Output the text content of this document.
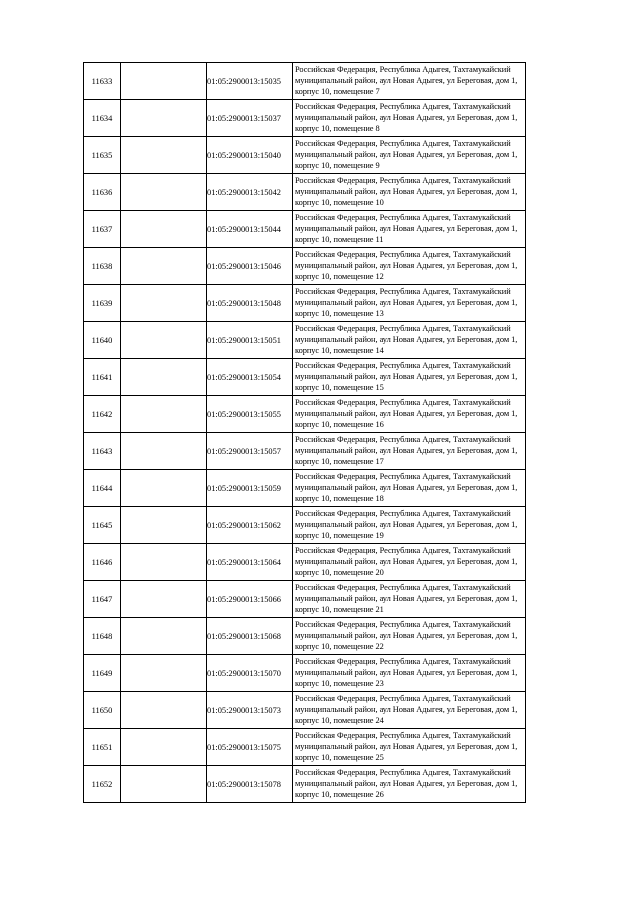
11633		01:05:2900013:15035	Российская Федерация, Республика Адыгея, Тахтамукайский муниципальный район, аул Новая Адыгея, ул Береговая, дом 1, корпус 10, помещение 7
11634		01:05:2900013:15037	Российская Федерация, Республика Адыгея, Тахтамукайский муниципальный район, аул Новая Адыгея, ул Береговая, дом 1, корпус 10, помещение 8
11635		01:05:2900013:15040	Российская Федерация, Республика Адыгея, Тахтамукайский муниципальный район, аул Новая Адыгея, ул Береговая, дом 1, корпус 10, помещение 9
11636		01:05:2900013:15042	Российская Федерация, Республика Адыгея, Тахтамукайский муниципальный район, аул Новая Адыгея, ул Береговая, дом 1, корпус 10, помещение 10
11637		01:05:2900013:15044	Российская Федерация, Республика Адыгея, Тахтамукайский муниципальный район, аул Новая Адыгея, ул Береговая, дом 1, корпус 10, помещение 11
11638		01:05:2900013:15046	Российская Федерация, Республика Адыгея, Тахтамукайский муниципальный район, аул Новая Адыгея, ул Береговая, дом 1, корпус 10, помещение 12
11639		01:05:2900013:15048	Российская Федерация, Республика Адыгея, Тахтамукайский муниципальный район, аул Новая Адыгея, ул Береговая, дом 1, корпус 10, помещение 13
11640		01:05:2900013:15051	Российская Федерация, Республика Адыгея, Тахтамукайский муниципальный район, аул Новая Адыгея, ул Береговая, дом 1, корпус 10, помещение 14
11641		01:05:2900013:15054	Российская Федерация, Республика Адыгея, Тахтамукайский муниципальный район, аул Новая Адыгея, ул Береговая, дом 1, корпус 10, помещение 15
11642		01:05:2900013:15055	Российская Федерация, Республика Адыгея, Тахтамукайский муниципальный район, аул Новая Адыгея, ул Береговая, дом 1, корпус 10, помещение 16
11643		01:05:2900013:15057	Российская Федерация, Республика Адыгея, Тахтамукайский муниципальный район, аул Новая Адыгея, ул Береговая, дом 1, корпус 10, помещение 17
11644		01:05:2900013:15059	Российская Федерация, Республика Адыгея, Тахтамукайский муниципальный район, аул Новая Адыгея, ул Береговая, дом 1, корпус 10, помещение 18
11645		01:05:2900013:15062	Российская Федерация, Республика Адыгея, Тахтамукайский муниципальный район, аул Новая Адыгея, ул Береговая, дом 1, корпус 10, помещение 19
11646		01:05:2900013:15064	Российская Федерация, Республика Адыгея, Тахтамукайский муниципальный район, аул Новая Адыгея, ул Береговая, дом 1, корпус 10, помещение 20
11647		01:05:2900013:15066	Российская Федерация, Республика Адыгея, Тахтамукайский муниципальный район, аул Новая Адыгея, ул Береговая, дом 1, корпус 10, помещение 21
11648		01:05:2900013:15068	Российская Федерация, Республика Адыгея, Тахтамукайский муниципальный район, аул Новая Адыгея, ул Береговая, дом 1, корпус 10, помещение 22
11649		01:05:2900013:15070	Российская Федерация, Республика Адыгея, Тахтамукайский муниципальный район, аул Новая Адыгея, ул Береговая, дом 1, корпус 10, помещение 23
11650		01:05:2900013:15073	Российская Федерация, Республика Адыгея, Тахтамукайский муниципальный район, аул Новая Адыгея, ул Береговая, дом 1, корпус 10, помещение 24
11651		01:05:2900013:15075	Российская Федерация, Республика Адыгея, Тахтамукайский муниципальный район, аул Новая Адыгея, ул Береговая, дом 1, корпус 10, помещение 25
11652		01:05:2900013:15078	Российская Федерация, Республика Адыгея, Тахтамукайский муниципальный район, аул Новая Адыгея, ул Береговая, дом 1, корпус 10, помещение 26
